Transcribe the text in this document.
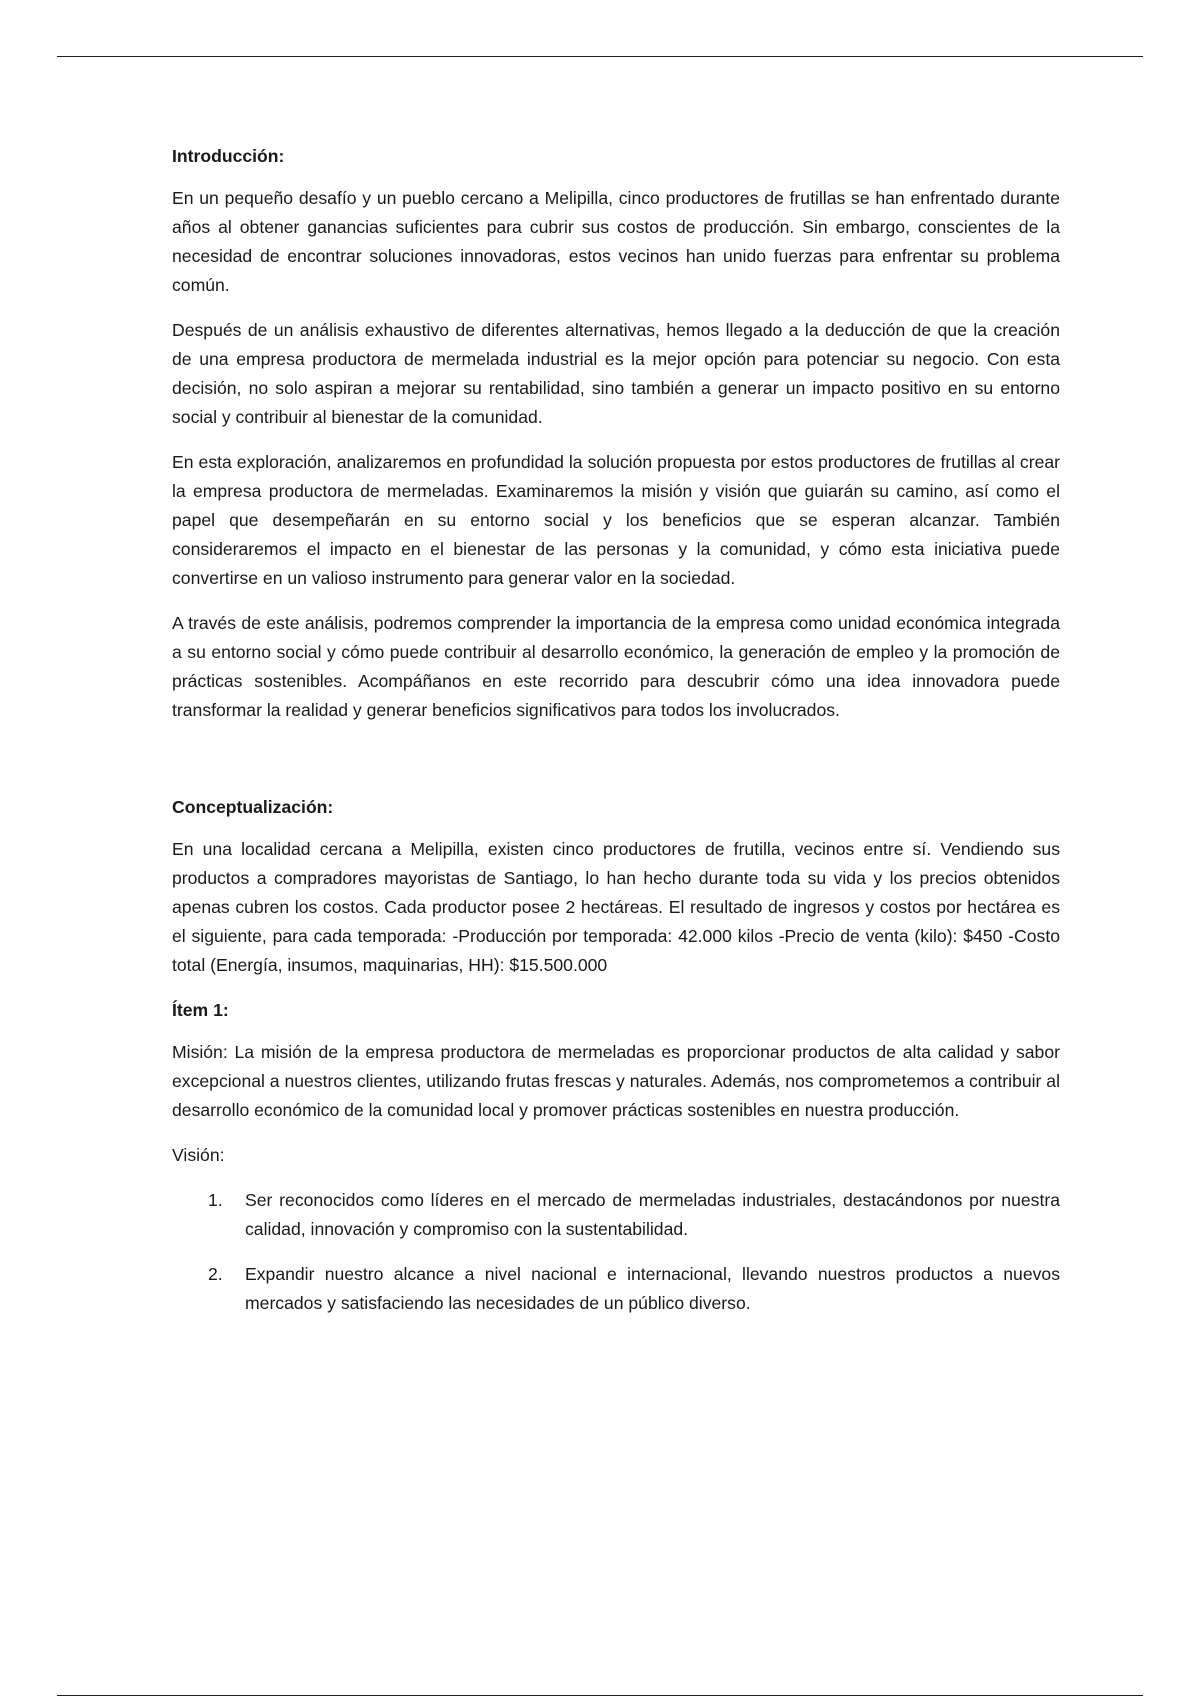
Introducción:

En un pequeño desafío y un pueblo cercano a Melipilla, cinco productores de frutillas se han enfrentado durante años al obtener ganancias suficientes para cubrir sus costos de producción. Sin embargo, conscientes de la necesidad de encontrar soluciones innovadoras, estos vecinos han unido fuerzas para enfrentar su problema común.

Después de un análisis exhaustivo de diferentes alternativas, hemos llegado a la deducción de que la creación de una empresa productora de mermelada industrial es la mejor opción para potenciar su negocio. Con esta decisión, no solo aspiran a mejorar su rentabilidad, sino también a generar un impacto positivo en su entorno social y contribuir al bienestar de la comunidad.

En esta exploración, analizaremos en profundidad la solución propuesta por estos productores de frutillas al crear la empresa productora de mermeladas. Examinaremos la misión y visión que guiarán su camino, así como el papel que desempeñarán en su entorno social y los beneficios que se esperan alcanzar. También consideraremos el impacto en el bienestar de las personas y la comunidad, y cómo esta iniciativa puede convertirse en un valioso instrumento para generar valor en la sociedad.

A través de este análisis, podremos comprender la importancia de la empresa como unidad económica integrada a su entorno social y cómo puede contribuir al desarrollo económico, la generación de empleo y la promoción de prácticas sostenibles. Acompáñanos en este recorrido para descubrir cómo una idea innovadora puede transformar la realidad y generar beneficios significativos para todos los involucrados.

Conceptualización:

En una localidad cercana a Melipilla, existen cinco productores de frutilla, vecinos entre sí. Vendiendo sus productos a compradores mayoristas de Santiago, lo han hecho durante toda su vida y los precios obtenidos apenas cubren los costos. Cada productor posee 2 hectáreas. El resultado de ingresos y costos por hectárea es el siguiente, para cada temporada: -Producción por temporada: 42.000 kilos -Precio de venta (kilo): $450 -Costo total (Energía, insumos, maquinarias, HH): $15.500.000

Ítem 1:

Misión: La misión de la empresa productora de mermeladas es proporcionar productos de alta calidad y sabor excepcional a nuestros clientes, utilizando frutas frescas y naturales. Además, nos comprometemos a contribuir al desarrollo económico de la comunidad local y promover prácticas sostenibles en nuestra producción.

Visión:

1. Ser reconocidos como líderes en el mercado de mermeladas industriales, destacándonos por nuestra calidad, innovación y compromiso con la sustentabilidad.
2. Expandir nuestro alcance a nivel nacional e internacional, llevando nuestros productos a nuevos mercados y satisfaciendo las necesidades de un público diverso.
